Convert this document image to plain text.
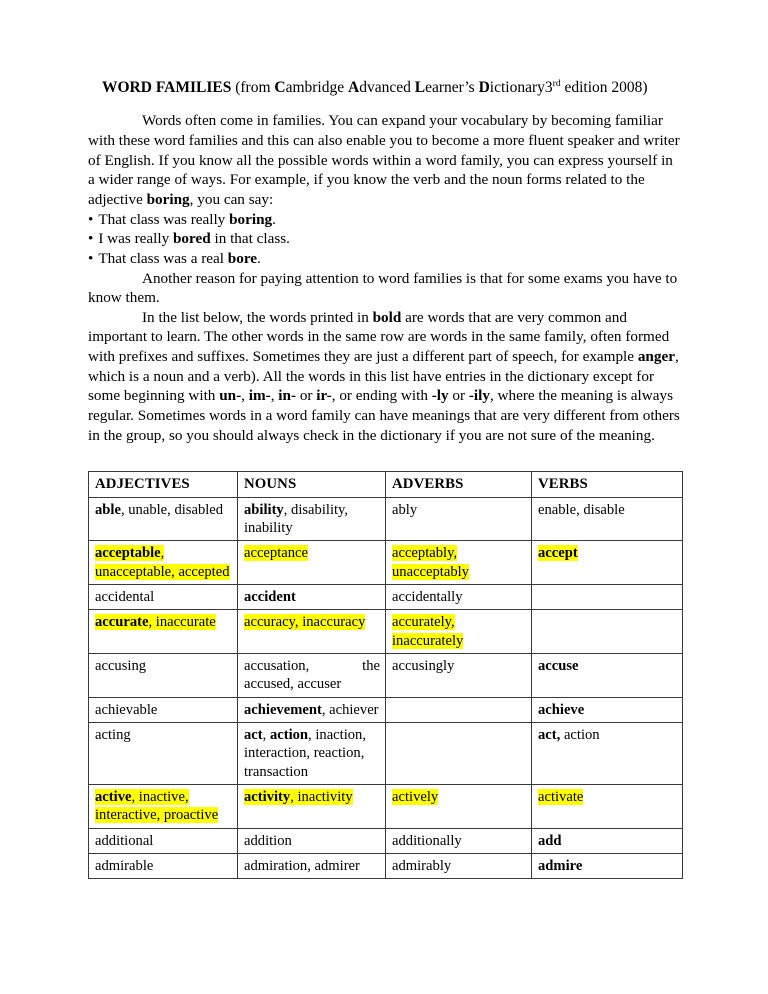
WORD FAMILIES (from Cambridge Advanced Learner’s Dictionary3rd edition 2008)

Words often come in families. You can expand your vocabulary by becoming familiar with these word families and this can also enable you to become a more fluent speaker and writer of English. If you know all the possible words within a word family, you can express yourself in a wider range of ways. For example, if you know the verb and the noun forms related to the adjective boring, you can say:

• That class was really boring.
• I was really bored in that class.
• That class was a real bore.

Another reason for paying attention to word families is that for some exams you have to know them.

In the list below, the words printed in bold are words that are very common and important to learn. The other words in the same row are words in the same family, often formed with prefixes and suffixes. Sometimes they are just a different part of speech, for example anger, which is a noun and a verb). All the words in this list have entries in the dictionary except for some beginning with un-, im-, in- or ir-, or ending with -ly or -ily, where the meaning is always regular. Sometimes words in a word family can have meanings that are very different from others in the group, so you should always check in the dictionary if you are not sure of the meaning.

ADJECTIVES	NOUNS	ADVERBS	VERBS
able, unable, disabled	ability, disability, inability	ably	enable, disable
acceptable, unacceptable, accepted	acceptance	acceptably, unacceptably	accept
accidental	accident	accidentally	
accurate, inaccurate	accuracy, inaccuracy	accurately, inaccurately	
accusing	accusation, the accused, accuser	accusingly	accuse
achievable	achievement, achiever		achieve
acting	act, action, inaction, interaction, reaction, transaction		act, action
active, inactive, interactive, proactive	activity, inactivity	actively	activate
additional	addition	additionally	add
admirable	admiration, admirer	admirably	admire
